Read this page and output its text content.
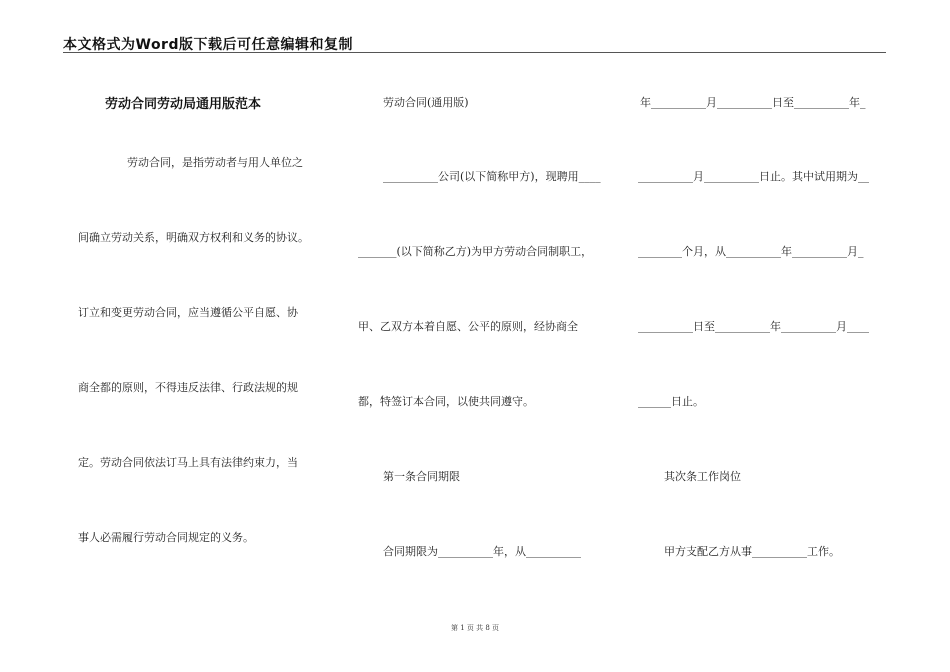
本文格式为Word版下载后可任意编辑和复制
劳动合同劳动局通用版范本
劳动合同，是指劳动者与用人单位之
间确立劳动关系，明确双方权利和义务的协议。
订立和变更劳动合同，应当遵循公平自愿、协
商全都的原则，不得违反法律、行政法规的规
定。劳动合同依法订马上具有法律约束力，当
事人必需履行劳动合同规定的义务。
劳动合同(通用版)
__________公司(以下简称甲方)，现聘用____
_______(以下简称乙方)为甲方劳动合同制职工，
甲、乙双方本着自愿、公平的原则，经协商全
都，特签订本合同，以使共同遵守。
第一条合同期限
合同期限为__________年，从__________
年__________月__________日至__________年_
__________月__________日止。其中试用期为__
________个月，从__________年__________月_
__________日至__________年__________月____
______日止。
其次条工作岗位
甲方支配乙方从事__________工作。
第 1 页 共 8 页
